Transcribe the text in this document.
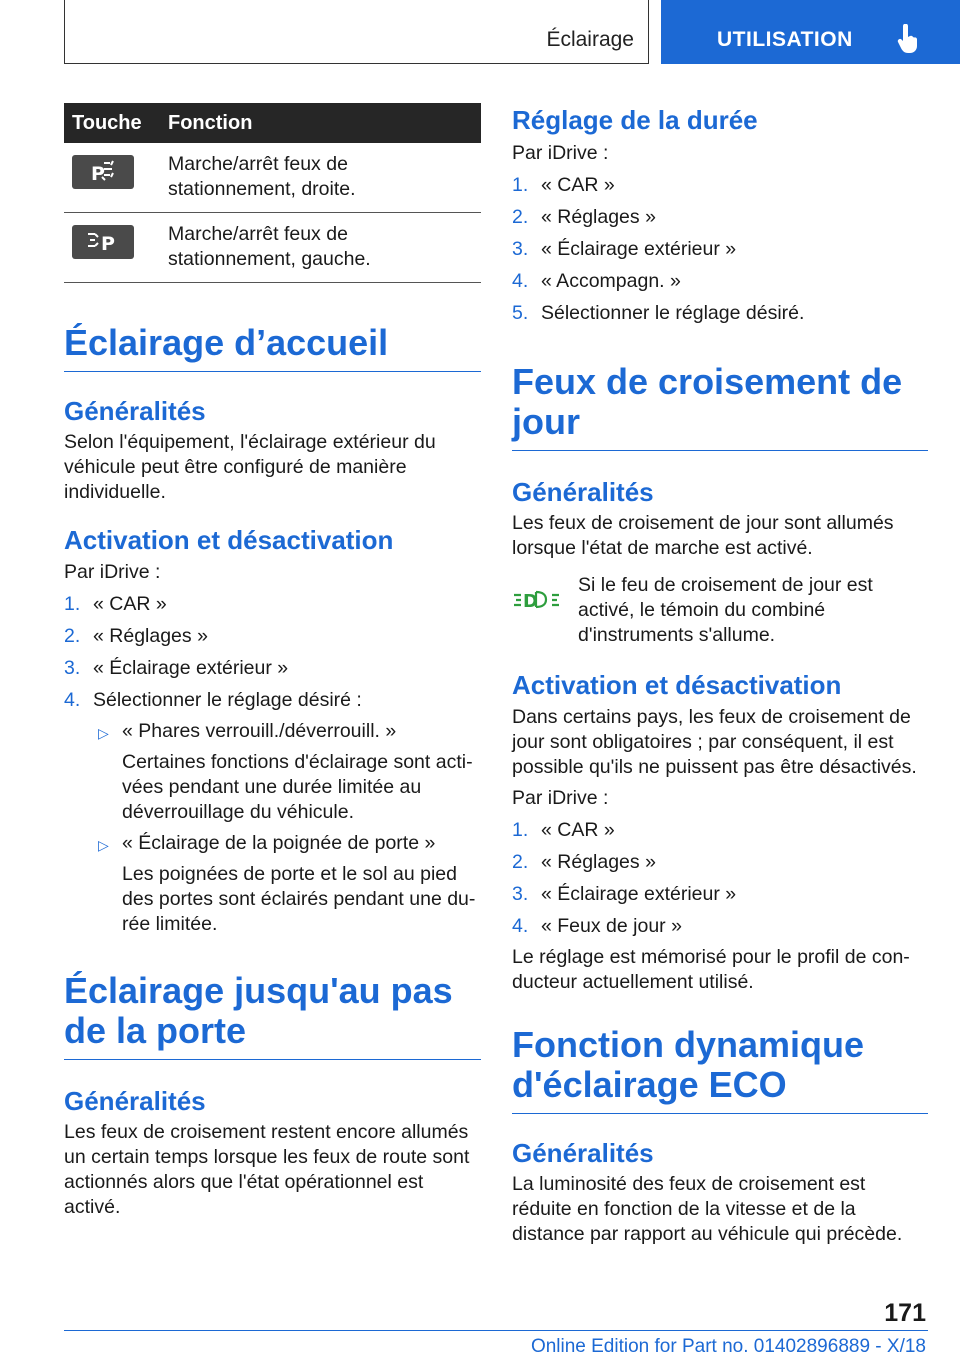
Éclairage	UTILISATION
Touche	Fonction

P	Marche/arrêt feux de stationnement, droite.

P	Marche/arrêt feux de stationnement, gauche.
Éclairage d’accueil
Généralités

Selon l'équipement, l'éclairage extérieur du véhicule peut être configuré de manière individuelle.

Activation et désactivation

Par iDrive :

1. « CAR »
2. « Réglages »
3. « Éclairage extérieur »
4. Sélectionner le réglage désiré :
▷ « Phares verrouill./déverrouill. »
Certaines fonctions d'éclairage sont activées pendant une durée limitée au déverrouillage du véhicule.
▷ « Éclairage de la poignée de porte »
Les poignées de porte et le sol au pied des portes sont éclairés pendant une durée limitée.
Éclairage jusqu'au pas de la porte
Généralités

Les feux de croisement restent encore allumés un certain temps lorsque les feux de route sont actionnés alors que l'état opérationnel est activé.

Réglage de la durée

Par iDrive :

1. « CAR »
2. « Réglages »
3. « Éclairage extérieur »
4. « Accompagn. »
5. Sélectionner le réglage désiré.
Feux de croisement de jour
Généralités

Les feux de croisement de jour sont allumés lorsque l'état de marche est activé.

D

Si le feu de croisement de jour est activé, le témoin du combiné d'instruments s'allume.

Activation et désactivation

Dans certains pays, les feux de croisement de jour sont obligatoires ; par conséquent, il est possible qu'ils ne puissent pas être désactivés.

Par iDrive :

1. « CAR »
2. « Réglages »
3. « Éclairage extérieur »
4. « Feux de jour »

Le réglage est mémorisé pour le profil de conducteur actuellement utilisé.

Fonction dynamique d'éclairage ECO
Généralités

La luminosité des feux de croisement est réduite en fonction de la vitesse et de la distance par rapport au véhicule qui précède.

171
Online Edition for Part no. 01402896889 - X/18
